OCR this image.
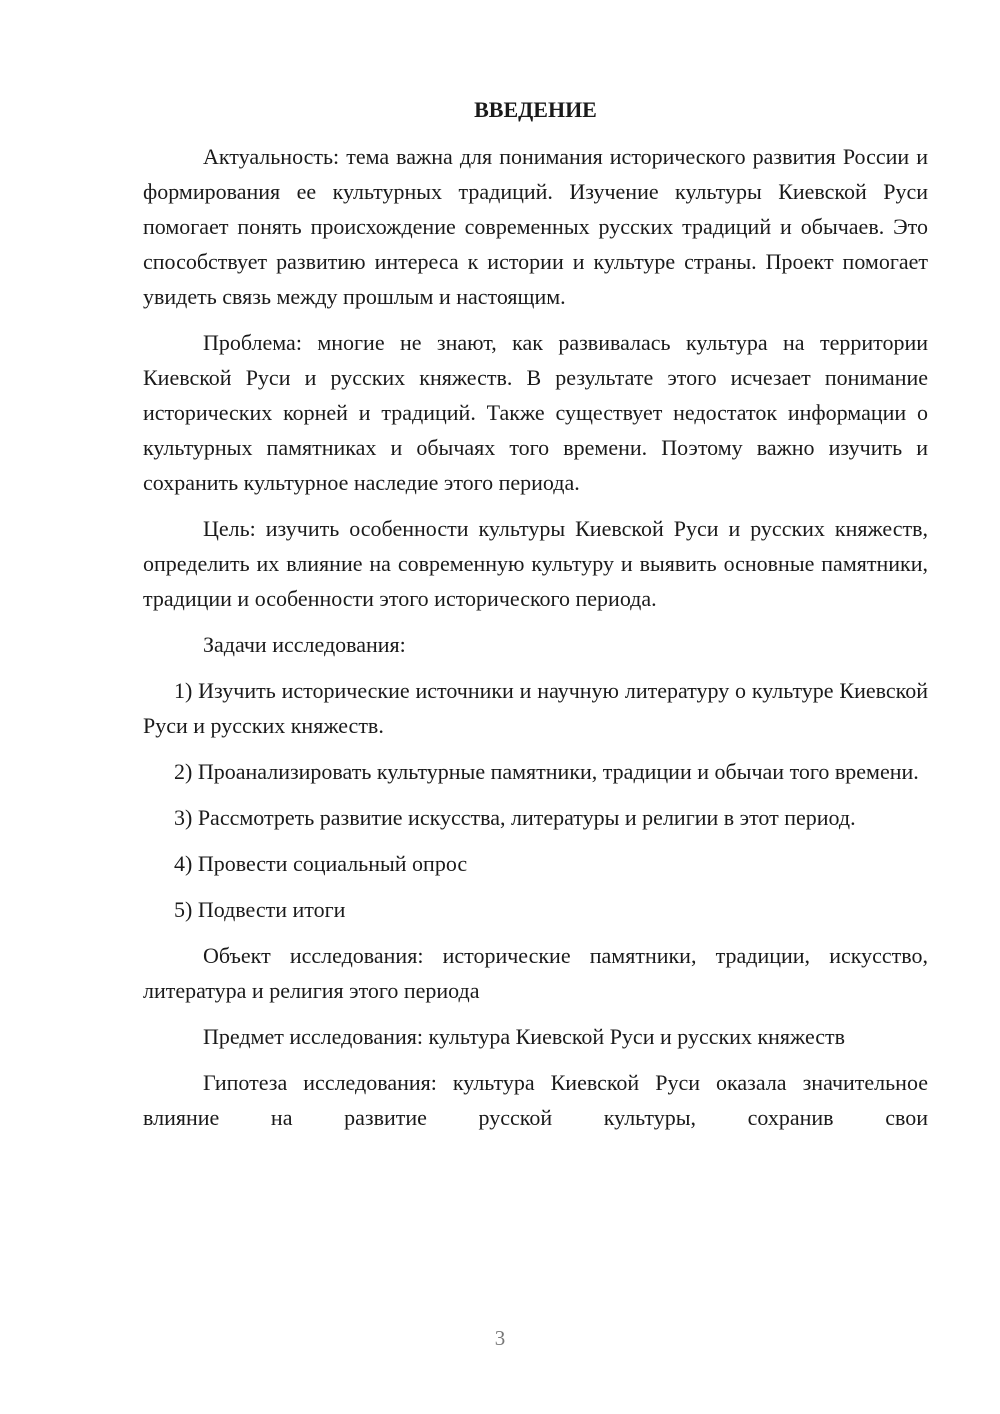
ВВЕДЕНИЕ

Актуальность: тема важна для понимания исторического развития России и формирования ее культурных традиций. Изучение культуры Киевской Руси помогает понять происхождение современных русских традиций и обычаев. Это способствует развитию интереса к истории и культуре страны. Проект помогает увидеть связь между прошлым и настоящим.

Проблема: многие не знают, как развивалась культура на территории Киевской Руси и русских княжеств. В результате этого исчезает понимание исторических корней и традиций. Также существует недостаток информации о культурных памятниках и обычаях того времени. Поэтому важно изучить и сохранить культурное наследие этого периода.

Цель: изучить особенности культуры Киевской Руси и русских княжеств, определить их влияние на современную культуру и выявить основные памятники, традиции и особенности этого исторического периода.

Задачи исследования:

1) Изучить исторические источники и научную литературу о культуре Киевской Руси и русских княжеств.

2) Проанализировать культурные памятники, традиции и обычаи того времени.

3) Рассмотреть развитие искусства, литературы и религии в этот период.

4) Провести социальный опрос

5) Подвести итоги

Объект исследования: исторические памятники, традиции, искусство, литература и религия этого периода

Предмет исследования: культура Киевской Руси и русских княжеств

Гипотеза исследования: культура Киевской Руси оказала значительное влияние на развитие русской культуры, сохранив свои

3
